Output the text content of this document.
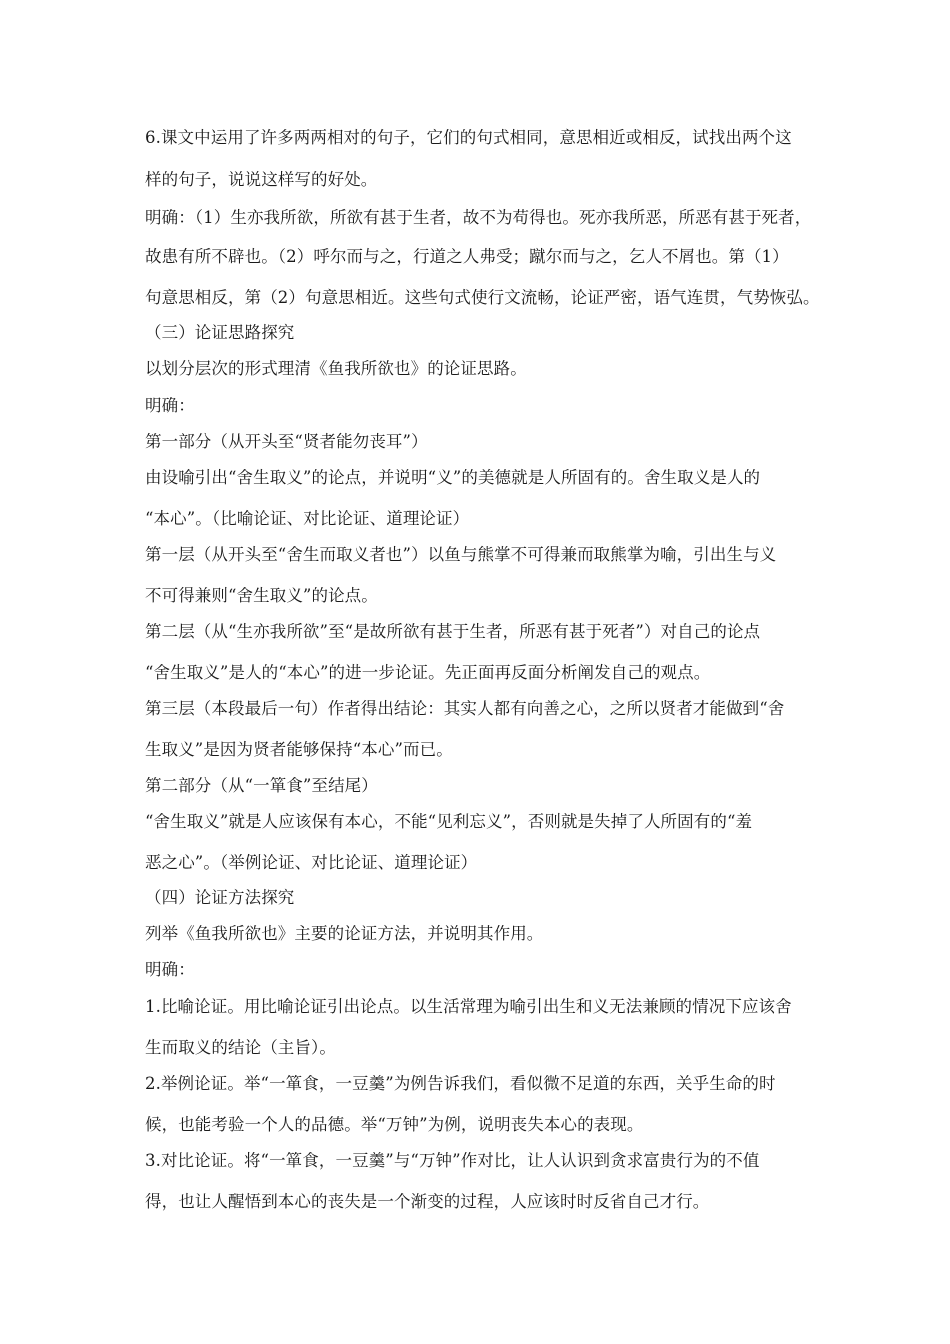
6.课文中运用了许多两两相对的句子，它们的句式相同，意思相近或相反，试找出两个这
样的句子，说说这样写的好处。
明确：（1）生亦我所欲，所欲有甚于生者，故不为苟得也。死亦我所恶，所恶有甚于死者，
故患有所不辟也。（2）呼尔而与之，行道之人弗受；蹴尔而与之，乞人不屑也。第（1）
句意思相反，第（2）句意思相近。这些句式使行文流畅，论证严密，语气连贯，气势恢弘。
（三）论证思路探究
以划分层次的形式理清《鱼我所欲也》的论证思路。
明确：
第一部分（从开头至“贤者能勿丧耳”）
由设喻引出“舍生取义”的论点，并说明“义”的美德就是人所固有的。舍生取义是人的
“本心”。（比喻论证、对比论证、道理论证）
第一层（从开头至“舍生而取义者也”）以鱼与熊掌不可得兼而取熊掌为喻，引出生与义
不可得兼则“舍生取义”的论点。
第二层（从“生亦我所欲”至“是故所欲有甚于生者，所恶有甚于死者”）对自己的论点
“舍生取义”是人的“本心”的进一步论证。先正面再反面分析阐发自己的观点。
第三层（本段最后一句）作者得出结论：其实人都有向善之心，之所以贤者才能做到“舍
生取义”是因为贤者能够保持“本心”而已。
第二部分（从“一箪食”至结尾）
“舍生取义”就是人应该保有本心，不能“见利忘义”，否则就是失掉了人所固有的“羞
恶之心”。（举例论证、对比论证、道理论证）
（四）论证方法探究
列举《鱼我所欲也》主要的论证方法，并说明其作用。
明确：
1.比喻论证。用比喻论证引出论点。以生活常理为喻引出生和义无法兼顾的情况下应该舍
生而取义的结论（主旨）。
2.举例论证。举“一箪食，一豆羹”为例告诉我们，看似微不足道的东西，关乎生命的时
候，也能考验一个人的品德。举“万钟”为例，说明丧失本心的表现。
3.对比论证。将“一箪食，一豆羹”与“万钟”作对比，让人认识到贪求富贵行为的不值
得，也让人醒悟到本心的丧失是一个渐变的过程，人应该时时反省自己才行。
